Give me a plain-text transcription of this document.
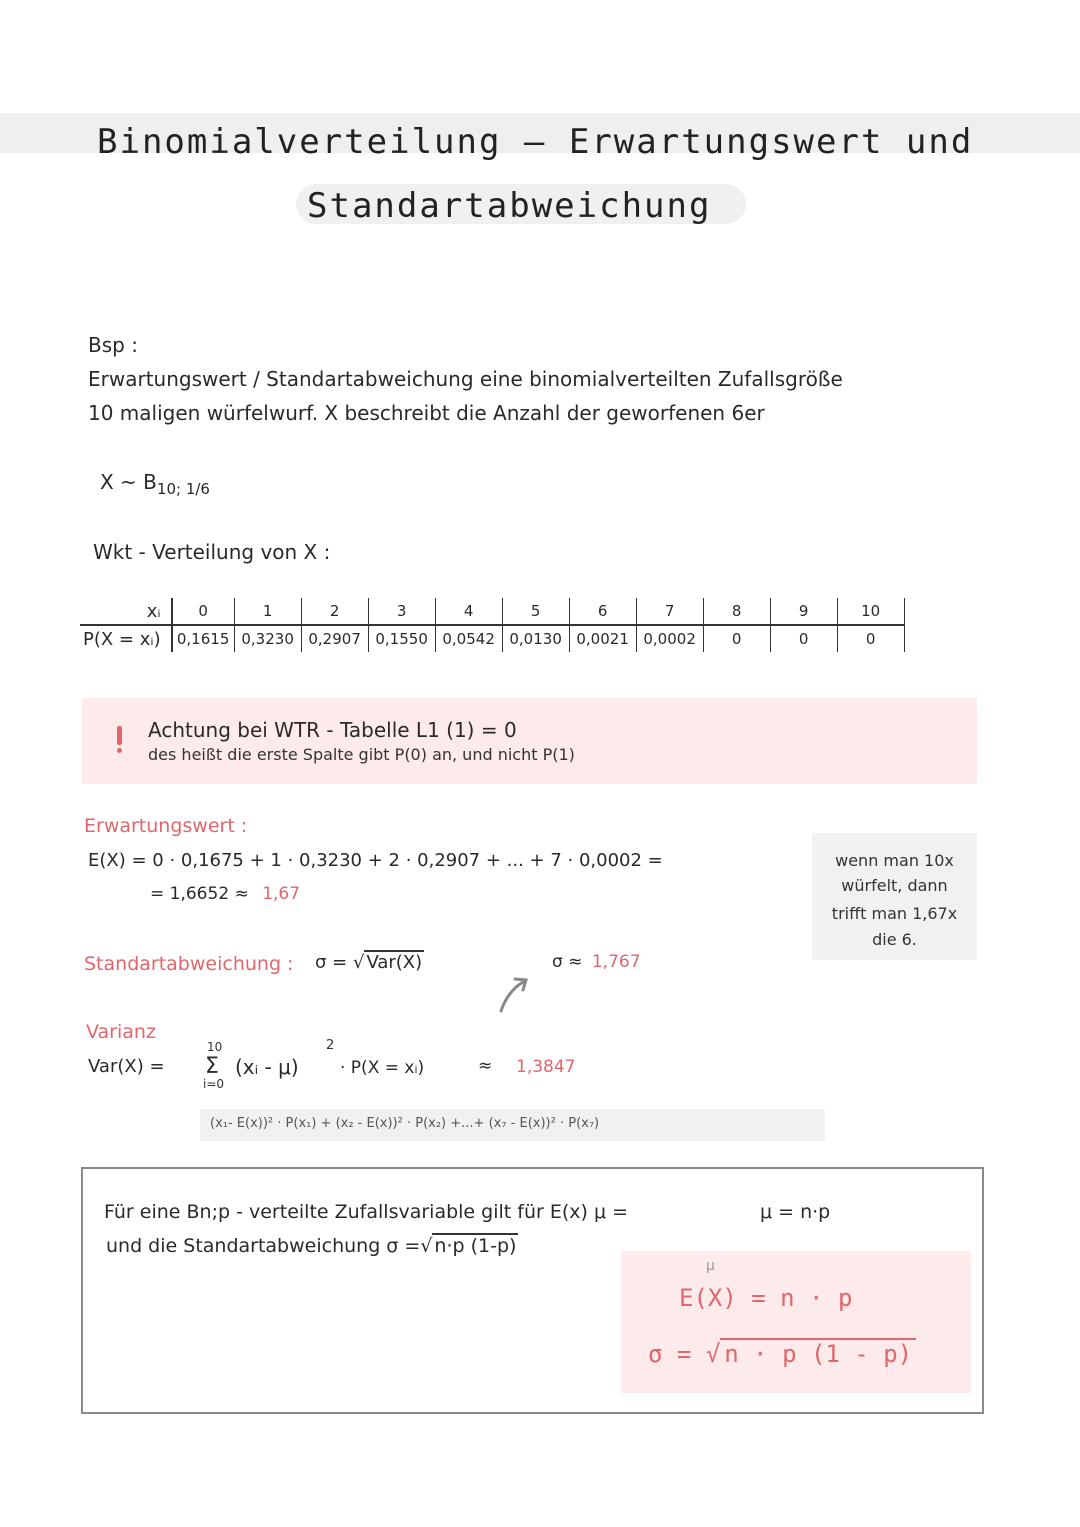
Binomialverteilung – Erwartungswert und
Standartabweichung
Bsp :
Erwartungswert / Standartabweichung eine binomialverteilten Zufallsgröße
10 maligen würfelwurf. X beschreibt die Anzahl der geworfenen 6er
X ~ $B_{10; 1/6}$
Wkt - Verteilung von X :
xᵢ	0	1	2	3	4	5	6	7	8	9	10
P(X = xᵢ)	0,1615	0,3230	0,2907	0,1550	0,0542	0,0130	0,0021	0,0002	0	0	0
Achtung bei WTR - Tabelle L1 (1) = 0
des heißt die erste Spalte gibt P(0) an, und nicht P(1)
Erwartungswert :
E(X) = 0 · 0,1675 + 1 · 0,3230 + 2 · 0,2907 + ... + 7 · 0,0002 =
= 1,6652 ≈ 1,67
wenn man 10x
würfelt, dann
trifft man 1,67x
die 6.
Standartabweichung : σ = √ Var(X)	σ ≈ 1,767
Varianz
Var(X) =
10
Σ
i=0
(xᵢ - μ)
2
· P(X = xᵢ)	≈ 1,3847
(x₁- E(x))² · P(x₁) + (x₂ - E(x))² · P(x₂) +...+ (x₇ - E(x))² · P(x₇)
Für eine Bn;p - verteilte Zufallsvariable gilt für E(x) μ =	μ = n·p
und die Standartabweichung σ =√ n·p (1-p)
μ
E(X) = n · p
σ = √ n · p (1 - p)
